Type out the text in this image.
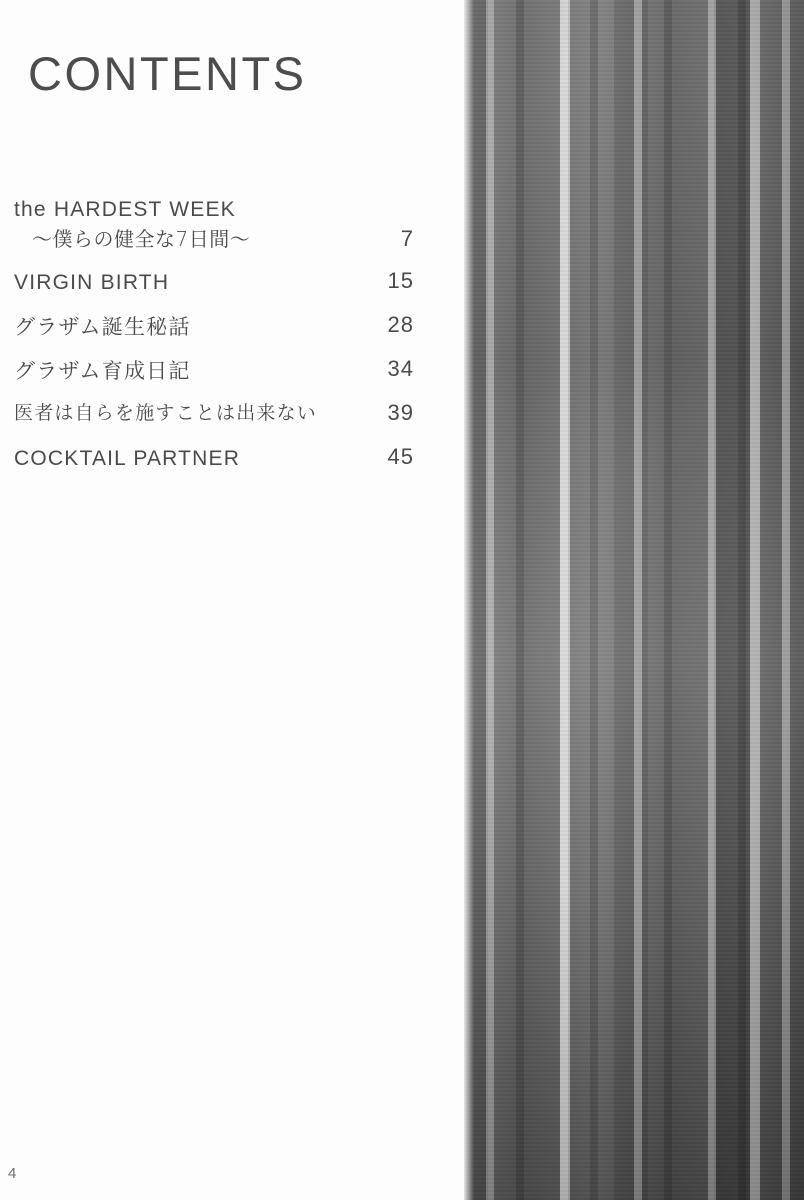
CONTENTS
the HARDEST WEEK
〜僕らの健全な7日間〜	7
VIRGIN BIRTH	15
グラザム誕生秘話	28
グラザム育成日記	34
医者は自らを施すことは出来ない	39
COCKTAIL PARTNER	45
4
